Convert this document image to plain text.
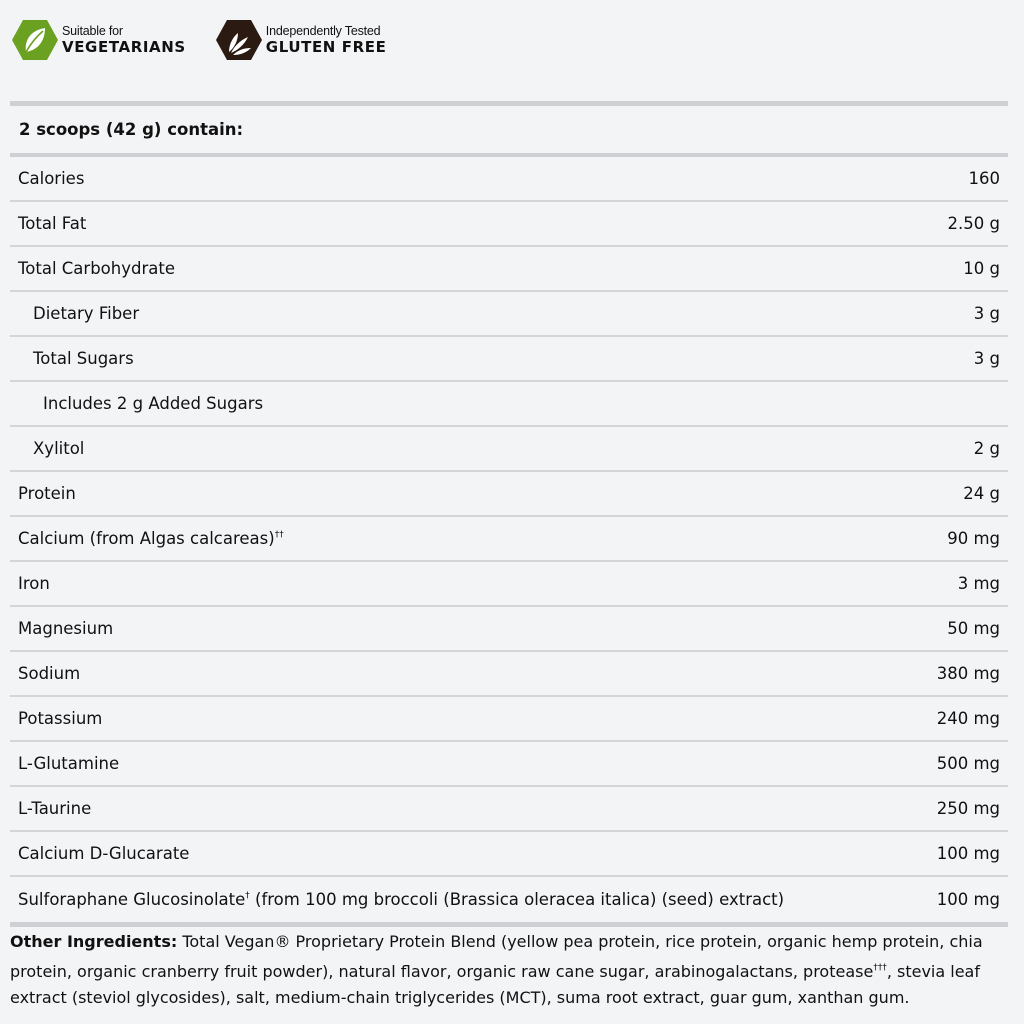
Suitable for
VEGETARIANS
Independently Tested
GLUTEN FREE
2 scoops (42 g) contain:
Calories	160
Total Fat	2.50 g
Total Carbohydrate	10 g
Dietary Fiber	3 g
Total Sugars	3 g
Includes 2 g Added Sugars
Xylitol	2 g
Protein	24 g
Calcium (from Algas calcareas)††	90 mg
Iron	3 mg
Magnesium	50 mg
Sodium	380 mg
Potassium	240 mg
L-Glutamine	500 mg
L-Taurine	250 mg
Calcium D-Glucarate	100 mg
Sulforaphane Glucosinolate† (from 100 mg broccoli (Brassica oleracea italica) (seed) extract)	100 mg
Other Ingredients: Total Vegan® Proprietary Protein Blend (yellow pea protein, rice protein, organic hemp protein, chia protein, organic cranberry fruit powder), natural flavor, organic raw cane sugar, arabinogalactans, protease†††, stevia leaf extract (steviol glycosides), salt, medium-chain triglycerides (MCT), suma root extract, guar gum, xanthan gum.
